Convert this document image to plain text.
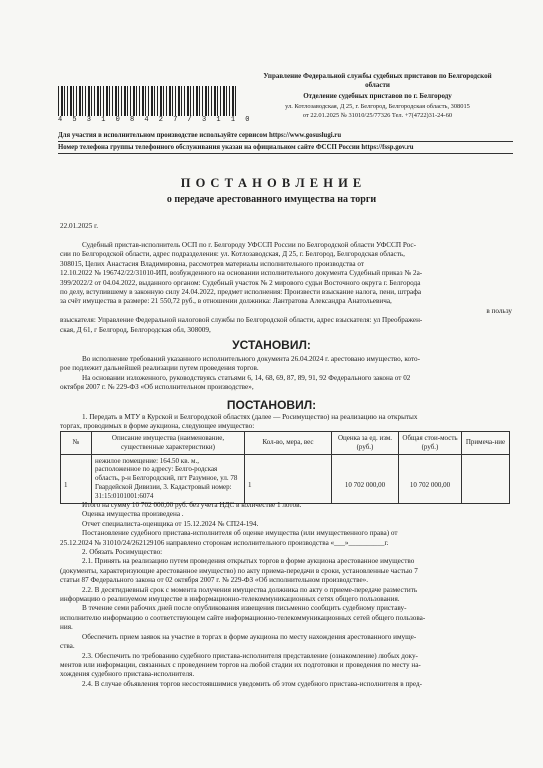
4 5 3 1 0 8 4 2 7 / 3 1 1 0
Управление Федеральной службы судебных приставов по Белгородской
области
Отделение судебных приставов по г. Белгороду
ул. Котлозаводская, Д 25, г. Белгород, Белгородская область, 308015
от 22.01.2025 № 31010/25/77326 Тел. +7(4722)31-24-60
Для участия в исполнительном производстве используйте сервисом https://www.gosuslugi.ru
Номер телефона группы телефонного обслуживания указан на официальном сайте ФССП России https://fssp.gov.ru
П О С Т А Н О В Л Е Н И Е
о передаче арестованного имущества на торги
22.01.2025 г.
Судебный пристав-исполнитель ОСП по г. Белгороду УФССП России по Белгородской области УФССП Рос-
сии по Белгородской области, адрес подразделения: ул. Котлозаводская, Д 25, г. Белгород, Белгородская область,
308015, Целих Анастасия Владимировна, рассмотрев материалы исполнительного производства от
12.10.2022 № 196742/22/31010-ИП, возбужденного на основании исполнительного документа Судебный приказ № 2а-
399/2022/2 от 04.04.2022, выданного органом: Судебный участок № 2 мирового судьи Восточного округа г. Белгорода
по делу, вступившему в законную силу 24.04.2022, предмет исполнения: Произвести взыскание налога, пени, штрафа
за счёт имущества в размере: 21 550,72 руб., в отношении должника: Лантратова Александра Анатольевича,
в пользу
взыскателя: Управление Федеральной налоговой службы по Белгородской области, адрес взыскателя: ул Преображен-
ская, Д 61, г Белгород, Белгородская обл, 308009,
УСТАНОВИЛ:
Во исполнение требований указанного исполнительного документа 26.04.2024 г. арестовано имущество, кото-
рое подлежит дальнейшей реализации путем проведения торгов.
На основании изложенного, руководствуясь статьями 6, 14, 68, 69, 87, 89, 91, 92 Федерального закона от 02
октября 2007 г. № 229-ФЗ «Об исполнительном производстве»,
ПОСТАНОВИЛ:
1. Передать в МТУ в Курской и Белгородской областях (далее — Росимущество) на реализацию на открытых
торгах, проводимых в форме аукциона, следующее имущество:
№	Описание имущества (наименование, существенные характеристики)	Кол-во, мера, вес	Оценка за ед. изм. (руб.)	Общая стои-мость (руб.)	Примеча-ние
1	нежилое помещение: 164.50 кв. м., расположенное по адресу: Белго-родская область, р-н Белгородский, пгт Разумное, ул. 78 Гвардейской Дивизии, 3. Кадастровый номер: 31:15:0101001:6074	1	10 702 000,00	10 702 000,00	
Итого на сумму 10 702 000,00 руб. без учета НДС в количестве 1 лотов.
Оценка имущества произведена .
Отчет специалиста-оценщика от 15.12.2024 № СП24-194.
Постановление судебного пристава-исполнителя об оценке имущества (или имущественного права) от
25.12.2024 № 31010/24/262129106 направлено сторонам исполнительного производства «___»__________г.
2. Обязать Росимущество:
2.1. Принять на реализацию путем проведения открытых торгов в форме аукциона арестованное имущество
(документы, характеризующие арестованное имущество) по акту приема-передачи в сроки, установленные частью 7
статьи 87 Федерального закона от 02 октября 2007 г. № 229-ФЗ «Об исполнительном производстве».
2.2. В десятидневный срок с момента получения имущества должника по акту о приеме-передаче разместить
информацию о реализуемом имуществе в информационно-телекоммуникационных сетях общего пользования.
В течение семи рабочих дней после опубликования извещения письменно сообщить судебному приставу-
исполнителю информацию о соответствующем сайте информационно-телекоммуникационных сетей общего пользова-
ния.
Обеспечить прием заявок на участие в торгах в форме аукциона по месту нахождения арестованного имуще-
ства.
2.3. Обеспечить по требованию судебного пристава-исполнителя представление (ознакомление) любых доку-
ментов или информации, связанных с проведением торгов на любой стадии их подготовки и проведения по месту на-
хождения судебного пристава-исполнителя.
2.4. В случае объявления торгов несостоявшимися уведомить об этом судебного пристава-исполнителя в пред-
